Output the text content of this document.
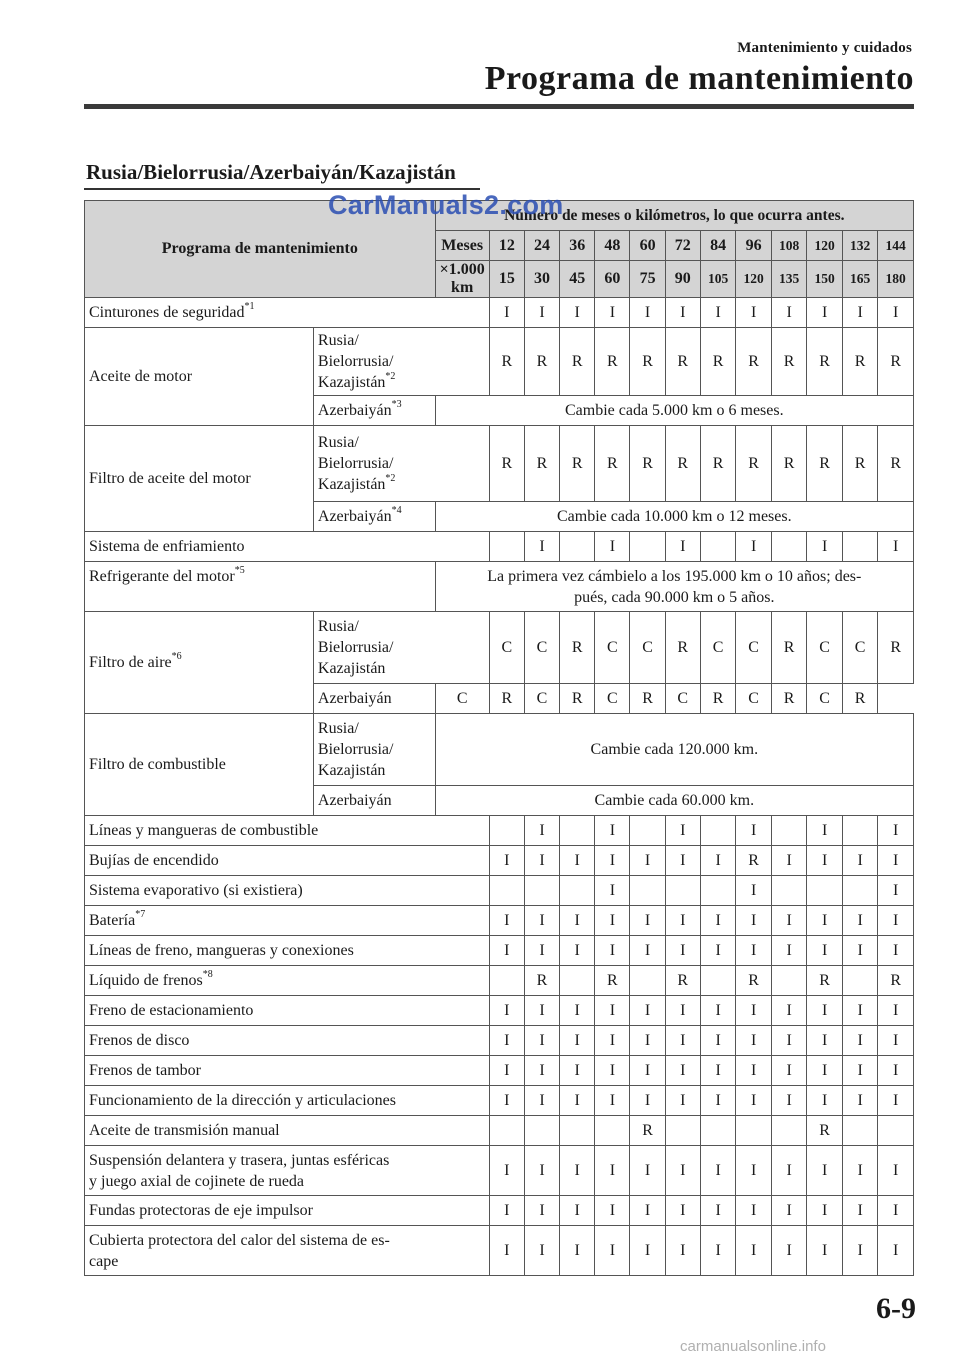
Mantenimiento y cuidados
Programa de mantenimiento
Rusia/Bielorrusia/Azerbaiyán/Kazajistán
Programa de mantenimiento		Número de meses o kilómetros, lo que ocurra antes.												
		Meses	12	24	36	48	60	72	84	96	108	120	132	144
		×1.000 km	15	30	45	60	75	90	105	120	135	150	165	180
Cinturones de seguridad$^{*1}$			I	I	I	I	I	I	I	I	I	I	I	I
Aceite de motor	Rusia/
Bielorrusia/
Kazajistán$^{*2}$		R	R	R	R	R	R	R	R	R	R	R	R
	Azerbaiyán$^{*3}$	Cambie cada 5.000 km o 6 meses.												
Filtro de aceite del motor	Rusia/
Bielorrusia/
Kazajistán$^{*2}$		R	R	R	R	R	R	R	R	R	R	R	R
	Azerbaiyán$^{*4}$	Cambie cada 10.000 km o 12 meses.												
Sistema de enfriamiento				I		I		I		I		I		I
Refrigerante del motor$^{*5}$		La primera vez cámbielo a los 195.000 km o 10 años; des-
pués, cada 90.000 km o 5 años.												
Filtro de aire$^{*6}$	Rusia/
Bielorrusia/
Kazajistán		C	C	R	C	C	R	C	C	R	C	C	R
	Azerbaiyán	C	R	C	R	C	R	C	R	C	R	C	R	
Filtro de combustible	Rusia/
Bielorrusia/
Kazajistán	Cambie cada 120.000 km.												
	Azerbaiyán	Cambie cada 60.000 km.												
Líneas y mangueras de combustible				I		I		I		I		I		I
Bujías de encendido			I	I	I	I	I	I	I	R	I	I	I	I
Sistema evaporativo (si existiera)						I				I				I
Batería$^{*7}$			I	I	I	I	I	I	I	I	I	I	I	I
Líneas de freno, mangueras y conexiones			I	I	I	I	I	I	I	I	I	I	I	I
Líquido de frenos$^{*8}$				R		R		R		R		R		R
Freno de estacionamiento			I	I	I	I	I	I	I	I	I	I	I	I
Frenos de disco			I	I	I	I	I	I	I	I	I	I	I	I
Frenos de tambor			I	I	I	I	I	I	I	I	I	I	I	I
Funcionamiento de la dirección y articulaciones			I	I	I	I	I	I	I	I	I	I	I	I
Aceite de transmisión manual							R					R		
Suspensión delantera y trasera, juntas esféricas
y juego axial de cojinete de rueda			I	I	I	I	I	I	I	I	I	I	I	I
Fundas protectoras de eje impulsor			I	I	I	I	I	I	I	I	I	I	I	I
Cubierta protectora del calor del sistema de es-
cape			I	I	I	I	I	I	I	I	I	I	I	I
CarManuals2.com
6-9
carmanualsonline.info
